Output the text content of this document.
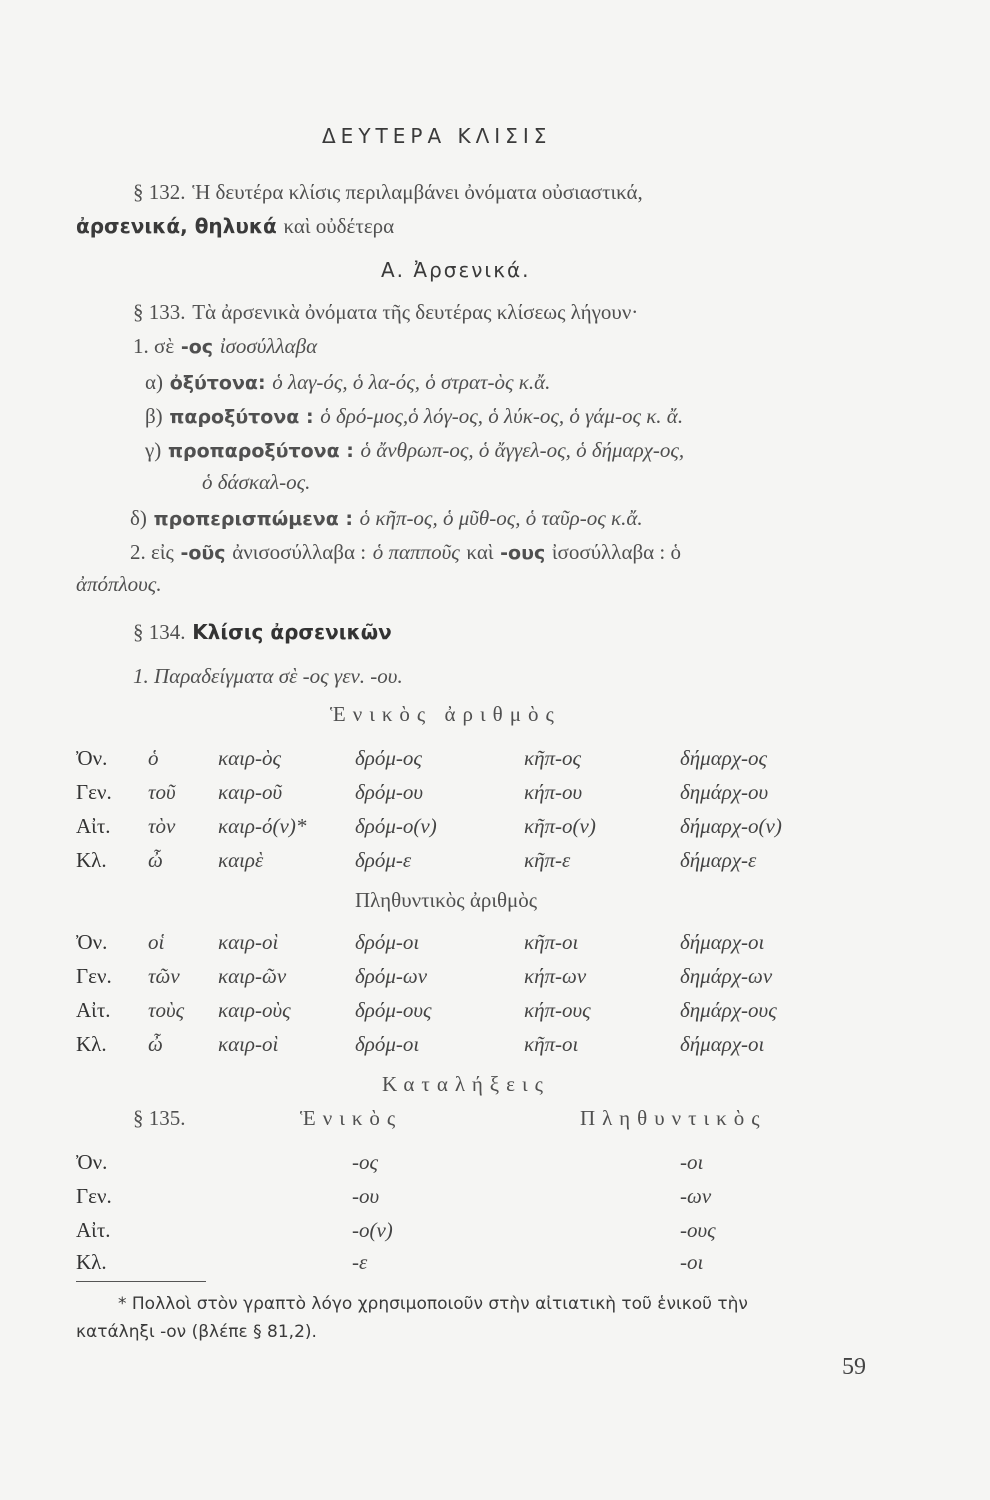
ΔΕΥΤΕΡΑ ΚΛΙΣΙΣ
§ 132. Ἡ δευτέρα κλίσις περιλαμβάνει ὀνόματα οὐσιαστικά,
ἀρσενικά, θηλυκά καὶ οὐδέτερα
Α. Ἀρσενικά.
§ 133. Τὰ ἀρσενικὰ ὀνόματα τῆς δευτέρας κλίσεως λήγουν·
1. σὲ -ος ἰσοσύλλαβα
α) ὀξύτονα: ὁ λαγ-ός, ὁ λα-ός, ὁ στρατ-ὸς κ.ἄ.
β) παροξύτονα : ὁ δρό-μος,ὁ λόγ-ος, ὁ λύκ-ος, ὁ γάμ-ος κ. ἄ.
γ) προπαροξύτονα : ὁ ἄνθρωπ-ος, ὁ ἄγγελ-ος, ὁ δήμαρχ-ος,
ὁ δάσκαλ-ος.
δ) προπερισπώμενα : ὁ κῆπ-ος, ὁ μῦθ-ος, ὁ ταῦρ-ος κ.ἄ.
2. εἰς -οῦς ἀνισοσύλλαβα : ὁ παπποῦς καὶ -ους ἰσοσύλλαβα : ὁ
ἀπόπλους.
§ 134. Κλίσις ἀρσενικῶν
1. Παραδείγματα σὲ -ος γεν. -ου.
Ἑνικὸς ἀριθμὸς
Ὀν. ὁ	καιρ-ὸς	δρόμ-ος	κῆπ-ος	δήμαρχ-ος
Γεν. τοῦ καιρ-οῦ	δρόμ-ου	κήπ-ου	δημάρχ-ου
Αἰτ. τὸν καιρ-ό(ν)* δρόμ-ο(ν)	κῆπ-ο(ν)	δήμαρχ-ο(ν)
Κλ. ὦ	καιρὲ	δρόμ-ε	κῆπ-ε	δήμαρχ-ε
Πληθυντικὸς ἀριθμὸς
Ὀν. οἱ	καιρ-οὶ	δρόμ-οι	κῆπ-οι	δήμαρχ-οι
Γεν. τῶν καιρ-ῶν	δρόμ-ων	κήπ-ων	δημάρχ-ων
Αἰτ. τοὺς καιρ-οὺς	δρόμ-ους	κήπ-ους	δημάρχ-ους
Κλ. ὦ	καιρ-οὶ	δρόμ-οι	κῆπ-οι	δήμαρχ-οι
Καταλήξεις
§ 135.	Ἑνικὸς	Πληθυντικὸς
Ὀν.	-ος	-οι
Γεν.	-ου	-ων
Αἰτ.	-ο(ν)	-ους
Κλ.	-ε	-οι
* Πολλοὶ στὸν γραπτὸ λόγο χρησιμοποιοῦν στὴν αἰτιατικὴ τοῦ ἑνικοῦ τὴν
κατάληξι -ον (βλέπε § 81,2).
59
